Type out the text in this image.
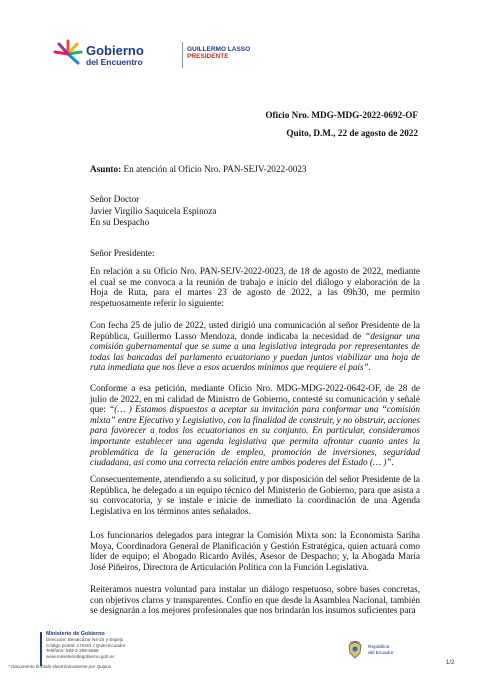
Gobierno
del Encuentro
GUILLERMO LASSO
PRESIDENTE
Oficio Nro. MDG-MDG-2022-0692-OF
Quito, D.M., 22 de agosto de 2022
Asunto: En atención al Oficio Nro. PAN-SEJV-2022-0023
Señor Doctor
Javier Virgilio Saquicela Espinoza
En su Despacho
Señor Presidente:

En relación a su Oficio Nro. PAN-SEJV-2022-0023, de 18 de agosto de 2022, mediante el cual se me convoca a la reunión de trabajo e inicio del diálogo y elaboración de la Hoja de Ruta, para el martes 23 de agosto de 2022, a las 09h30, me permito respetuosamente referir lo siguiente:

Con fecha 25 de julio de 2022, usted dirigió una comunicación al señor Presidente de la República, Guillermo Lasso Mendoza, donde indicaba la necesidad de “designar una comisión gubernamental que se sume a una legislativa integrada por representantes de todas las bancadas del parlamento ecuatoriano y puedan juntos viabilizar una hoja de ruta inmediata que nos lleve a esos acuerdos mínimos que requiere el país”.

Conforme a esa petición, mediante Oficio Nro. MDG-MDG-2022-0642-OF, de 28 de julio de 2022, en mi calidad de Ministro de Gobierno, contesté su comunicación y señalé que: “(… ) Estamos dispuestos a aceptar su invitación para conformar una “comisión mixta” entre Ejecutivo y Legislativo, con la finalidad de construir, y no obstruir, acciones para favorecer a todos los ecuatorianos en su conjunto. En particular, consideramos importante establecer una agenda legislativa que permita afrontar cuanto antes la problemática de la generación de empleo, promoción de inversiones, seguridad ciudadana, así como una correcta relación entre ambos poderes del Estado (… )”.

Consecuentemente, atendiendo a su solicitud, y por disposición del señor Presidente de la República, he delegado a un equipo técnico del Ministerio de Gobierno, para que asista a su convocatoria, y se instale e inicie de inmediato la coordinación de una Agenda Legislativa en los términos antes señalados.

Los funcionarios delegados para integrar la Comisión Mixta son: la Economista Sariha Moya, Coordinadora General de Planificación y Gestión Estratégica, quien actuará como líder de equipo; el Abogado Ricardo Avilés, Asesor de Despacho; y, la Abogada María José Piñeiros, Directora de Articulación Política con la Función Legislativa.

Reiteramos nuestra voluntad para instalar un diálogo respetuoso, sobre bases concretas, con objetivos claros y transparentes. Confío en que desde la Asamblea Nacional, también se designarán a los mejores profesionales que nos brindarán los insumos suficientes para

Ministerio de Gobierno
Dirección: Benalcázar N4-24 y Espejo
Código postal: 170401 / Quito-Ecuador
Teléfono: 593-2-295-5666
www.ministeriodegobierno.gob.ec
* Documento firmado electrónicamente por Quipux
República
del Ecuador
1/2
